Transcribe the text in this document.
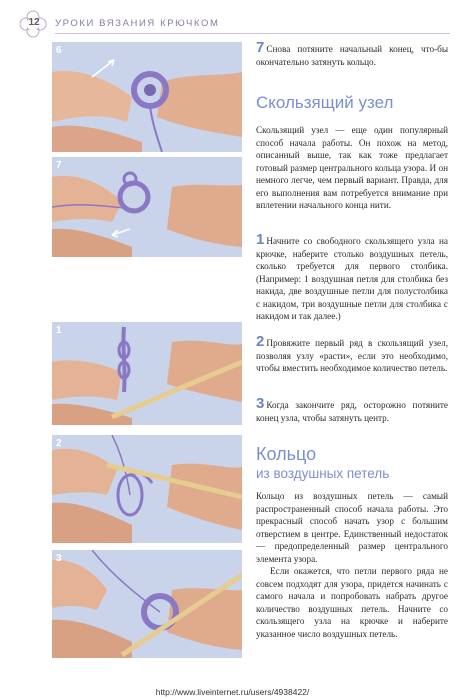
12 УРОКИ ВЯЗАНИЯ КРЮЧКОМ
6
7
1
2
3

7 Снова потяните начальный конец, что-бы окончательно затянуть кольцо.

Скользящий узел

Скользящий узел — еще один популярный способ начала работы. Он похож на метод, описанный выше, так как тоже предлагает готовый размер центрального кольца узора. И он немного легче, чем первый вариант. Правда, для его выполнения вам потребуется внимание при вплетении начального конца нити.

1 Начните со свободного скользящего узла на крючке, наберите столько воздушных петель, сколько требуется для первого столбика. (Например: 1 воздушная петля для столбика без накида, две воздушные петли для полустолбика с накидом, три воздушные петли для столбика с накидом и так далее.)

2 Провяжите первый ряд в скользящий узел, позволяя узлу «расти», если это необходимо, чтобы вместить необходимое количество петель.

3 Когда закончите ряд, осторожно потяните конец узла, чтобы затянуть центр.

Кольцо
из воздушных петель

Кольцо из воздушных петель — самый распространенный способ начала работы. Это прекрасный способ начать узор с большим отверстием в центре. Единственный недостаток — предопределенный размер центрального элемента узора.

Если окажется, что петли первого ряда не совсем подходят для узора, придется начинать с самого начала и попробовать набрать другое количество воздушных петель. Начните со скользящего узла на крючке и наберите указанное число воздушных петель.

http://www.liveinternet.ru/users/4938422/
